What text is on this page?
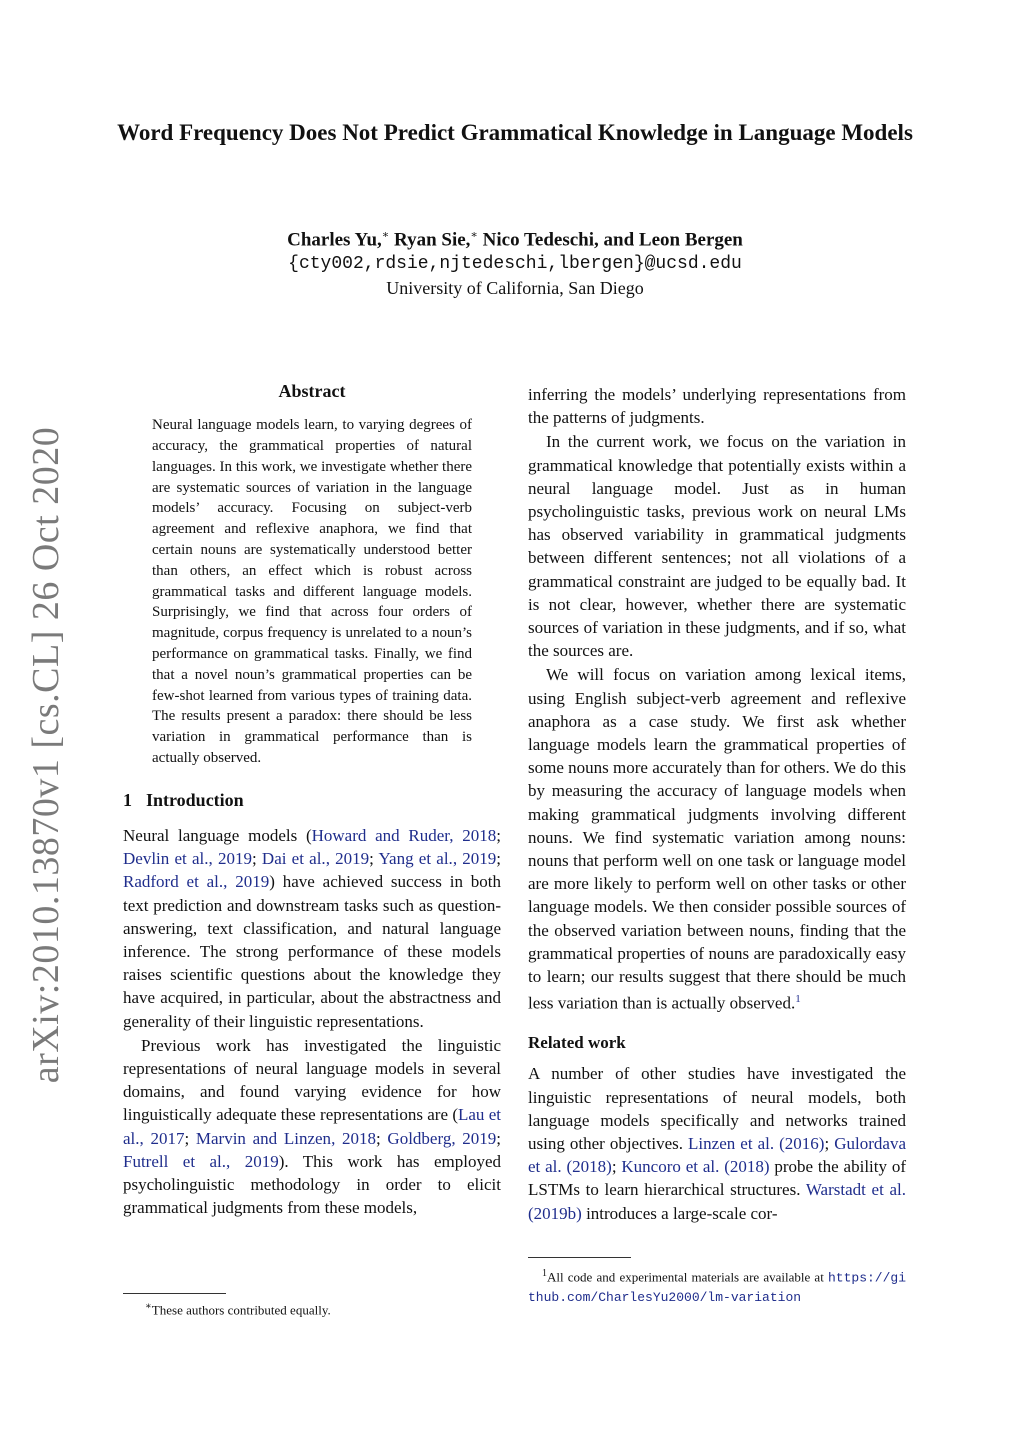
arXiv:2010.13870v1 [cs.CL] 26 Oct 2020
Word Frequency Does Not Predict Grammatical Knowledge in Language Models
Charles Yu,∗ Ryan Sie,∗ Nico Tedeschi, and Leon Bergen
{cty002,rdsie,njtedeschi,lbergen}@ucsd.edu
University of California, San Diego
Abstract

Neural language models learn, to varying degrees of accuracy, the grammatical properties of natural languages. In this work, we investigate whether there are systematic sources of variation in the language models’ accuracy. Focusing on subject-verb agreement and reflexive anaphora, we find that certain nouns are systematically understood better than others, an effect which is robust across grammatical tasks and different language models. Surprisingly, we find that across four orders of magnitude, corpus frequency is unrelated to a noun’s performance on grammatical tasks. Finally, we find that a novel noun’s grammatical properties can be few-shot learned from various types of training data. The results present a paradox: there should be less variation in grammatical performance than is actually observed.

1 Introduction

Neural language models (Howard and Ruder, 2018; Devlin et al., 2019; Dai et al., 2019; Yang et al., 2019; Radford et al., 2019) have achieved success in both text prediction and downstream tasks such as question-answering, text classification, and natural language inference. The strong performance of these models raises scientific questions about the knowledge they have acquired, in particular, about the abstractness and generality of their linguistic representations.

Previous work has investigated the linguistic representations of neural language models in several domains, and found varying evidence for how linguistically adequate these representations are (Lau et al., 2017; Marvin and Linzen, 2018; Goldberg, 2019; Futrell et al., 2019). This work has employed psycholinguistic methodology in order to elicit grammatical judgments from these models,

∗These authors contributed equally.

inferring the models’ underlying representations from the patterns of judgments.

In the current work, we focus on the variation in grammatical knowledge that potentially exists within a neural language model. Just as in human psycholinguistic tasks, previous work on neural LMs has observed variability in grammatical judgments between different sentences; not all violations of a grammatical constraint are judged to be equally bad. It is not clear, however, whether there are systematic sources of variation in these judgments, and if so, what the sources are.

We will focus on variation among lexical items, using English subject-verb agreement and reflexive anaphora as a case study. We first ask whether language models learn the grammatical properties of some nouns more accurately than for others. We do this by measuring the accuracy of language models when making grammatical judgments involving different nouns. We find systematic variation among nouns: nouns that perform well on one task or language model are more likely to perform well on other tasks or other language models. We then consider possible sources of the observed variation between nouns, finding that the grammatical properties of nouns are paradoxically easy to learn; our results suggest that there should be much less variation than is actually observed.$^1$

Related work

A number of other studies have investigated the linguistic representations of neural models, both language models specifically and networks trained using other objectives. Linzen et al. (2016); Gulordava et al. (2018); Kuncoro et al. (2018) probe the ability of LSTMs to learn hierarchical structures. Warstadt et al. (2019b) introduces a large-scale cor-

$^1$All code and experimental materials are available at https://github.com/CharlesYu2000/lm-variation
